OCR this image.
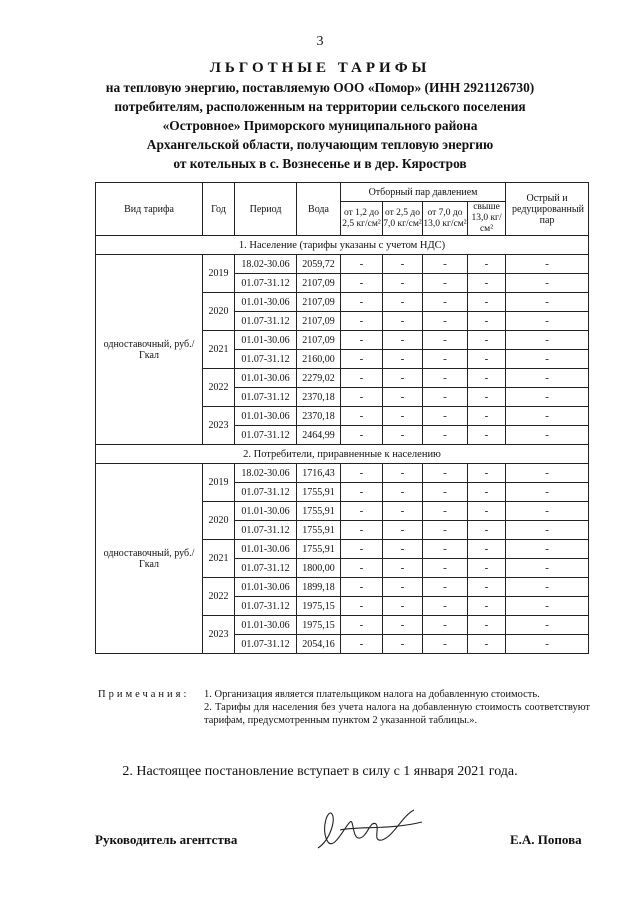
3
ЛЬГОТНЫЕ ТАРИФЫ
на тепловую энергию, поставляемую ООО «Помор» (ИНН 2921126730)
потребителям, расположенным на территории сельского поселения
«Островное» Приморского муниципального района
Архангельской области, получающим тепловую энергию
от котельных в с. Вознесенье и в дер. Кяростров
Вид тарифа	Год	Период	Вода	Отборный пар давлением				Острый и редуцированный пар
				от 1,2 до 2,5 кг/см²	от 2,5 до 7,0 кг/см²	от 7,0 до 13,0 кг/см²	свыше 13,0 кг/см²	
1. Население (тарифы указаны с учетом НДС)								
одноставочный, руб./Гкал	2019	18.02-30.06	2059,72	-	-	-	-	-
		01.07-31.12	2107,09	-	-	-	-	-
	2020	01.01-30.06	2107,09	-	-	-	-	-
		01.07-31.12	2107,09	-	-	-	-	-
	2021	01.01-30.06	2107,09	-	-	-	-	-
		01.07-31.12	2160,00	-	-	-	-	-
	2022	01.01-30.06	2279,02	-	-	-	-	-
		01.07-31.12	2370,18	-	-	-	-	-
	2023	01.01-30.06	2370,18	-	-	-	-	-
		01.07-31.12	2464,99	-	-	-	-	-
2. Потребители, приравненные к населению								
одноставочный, руб./Гкал	2019	18.02-30.06	1716,43	-	-	-	-	-
		01.07-31.12	1755,91	-	-	-	-	-
	2020	01.01-30.06	1755,91	-	-	-	-	-
		01.07-31.12	1755,91	-	-	-	-	-
	2021	01.01-30.06	1755,91	-	-	-	-	-
		01.07-31.12	1800,00	-	-	-	-	-
	2022	01.01-30.06	1899,18	-	-	-	-	-
		01.07-31.12	1975,15	-	-	-	-	-
	2023	01.01-30.06	1975,15	-	-	-	-	-
		01.07-31.12	2054,16	-	-	-	-	-
Примечания: 1. Организация является плательщиком налога на добавленную стоимость.
2. Тарифы для населения без учета налога на добавленную стоимость соответствуют тарифам, предусмотренным пунктом 2 указанной таблицы.».
2. Настоящее постановление вступает в силу с 1 января 2021 года.
Руководитель агентства	Е.А. Попова
